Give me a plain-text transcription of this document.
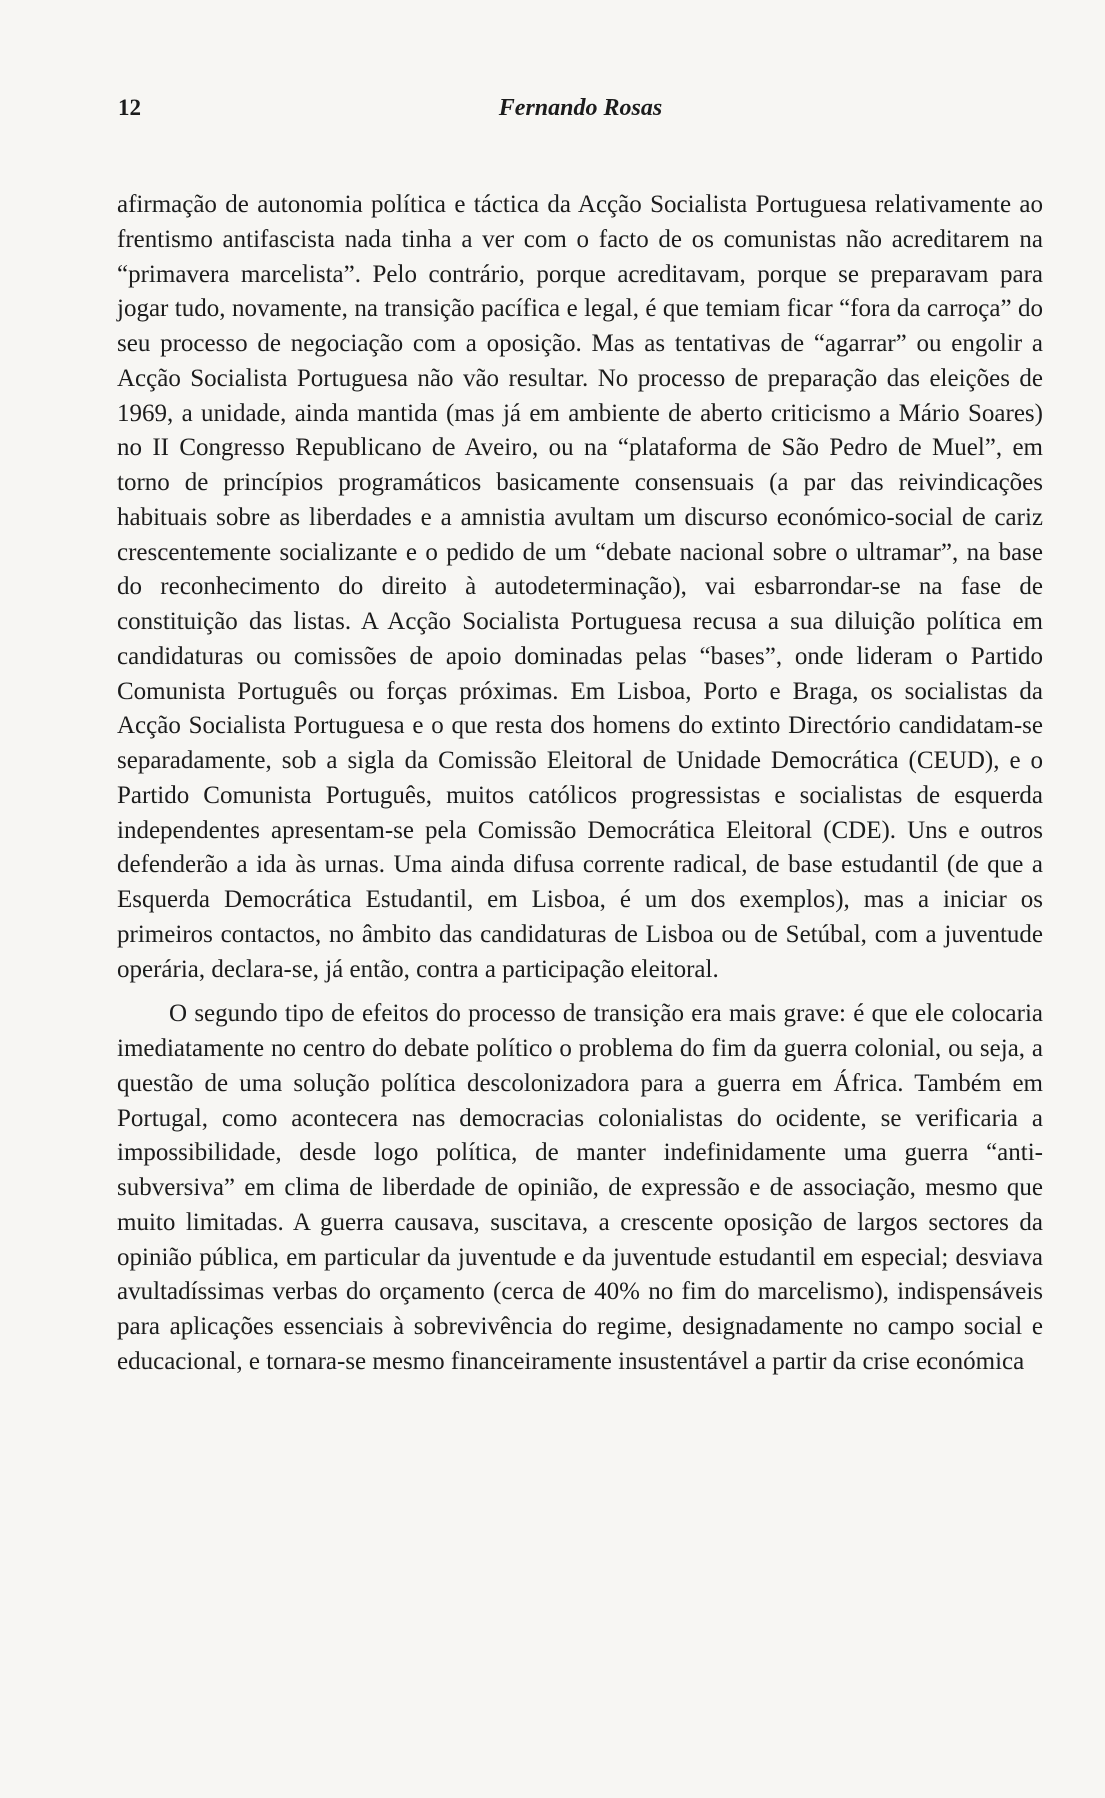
12	Fernando Rosas

afirmação de autonomia política e táctica da Acção Socialista Portuguesa relativamente ao frentismo antifascista nada tinha a ver com o facto de os comunistas não acreditarem na “primavera marcelista”. Pelo contrário, porque acreditavam, porque se preparavam para jogar tudo, novamente, na transição pacífica e legal, é que temiam ficar “fora da carroça” do seu processo de negociação com a oposição. Mas as tentativas de “agarrar” ou engolir a Acção Socialista Portuguesa não vão resultar. No processo de preparação das eleições de 1969, a unidade, ainda mantida (mas já em ambiente de aberto criticismo a Mário Soares) no II Congresso Republicano de Aveiro, ou na “plataforma de São Pedro de Muel”, em torno de princípios programáticos basicamente consensuais (a par das reivindicações habituais sobre as liberdades e a amnistia avultam um discurso económico-social de cariz crescentemente socializante e o pedido de um “debate nacional sobre o ultramar”, na base do reconhecimento do direito à autodeterminação), vai esbarrondar-se na fase de constituição das listas. A Acção Socialista Portuguesa recusa a sua diluição política em candidaturas ou comissões de apoio dominadas pelas “bases”, onde lideram o Partido Comunista Português ou forças próximas. Em Lisboa, Porto e Braga, os socialistas da Acção Socialista Portuguesa e o que resta dos homens do extinto Directório candidatam-se separadamente, sob a sigla da Comissão Eleitoral de Unidade Democrática (CEUD), e o Partido Comunista Português, muitos católicos progressistas e socialistas de esquerda independentes apresentam-se pela Comissão Democrática Eleitoral (CDE). Uns e outros defenderão a ida às urnas. Uma ainda difusa corrente radical, de base estudantil (de que a Esquerda Democrática Estudantil, em Lisboa, é um dos exemplos), mas a iniciar os primeiros contactos, no âmbito das candidaturas de Lisboa ou de Setúbal, com a juventude operária, declara-se, já então, contra a participação eleitoral.

O segundo tipo de efeitos do processo de transição era mais grave: é que ele colocaria imediatamente no centro do debate político o problema do fim da guerra colonial, ou seja, a questão de uma solução política descolonizadora para a guerra em África. Também em Portugal, como acontecera nas democracias colonialistas do ocidente, se verificaria a impossibilidade, desde logo política, de manter indefinidamente uma guerra “anti-subversiva” em clima de liberdade de opinião, de expressão e de associação, mesmo que muito limitadas. A guerra causava, suscitava, a crescente oposição de largos sectores da opinião pública, em particular da juventude e da juventude estudantil em especial; desviava avultadíssimas verbas do orçamento (cerca de 40% no fim do marcelismo), indispensáveis para aplicações essenciais à sobrevivência do regime, designadamente no campo social e educacional, e tornara-se mesmo financeiramente insustentável a partir da crise económica
